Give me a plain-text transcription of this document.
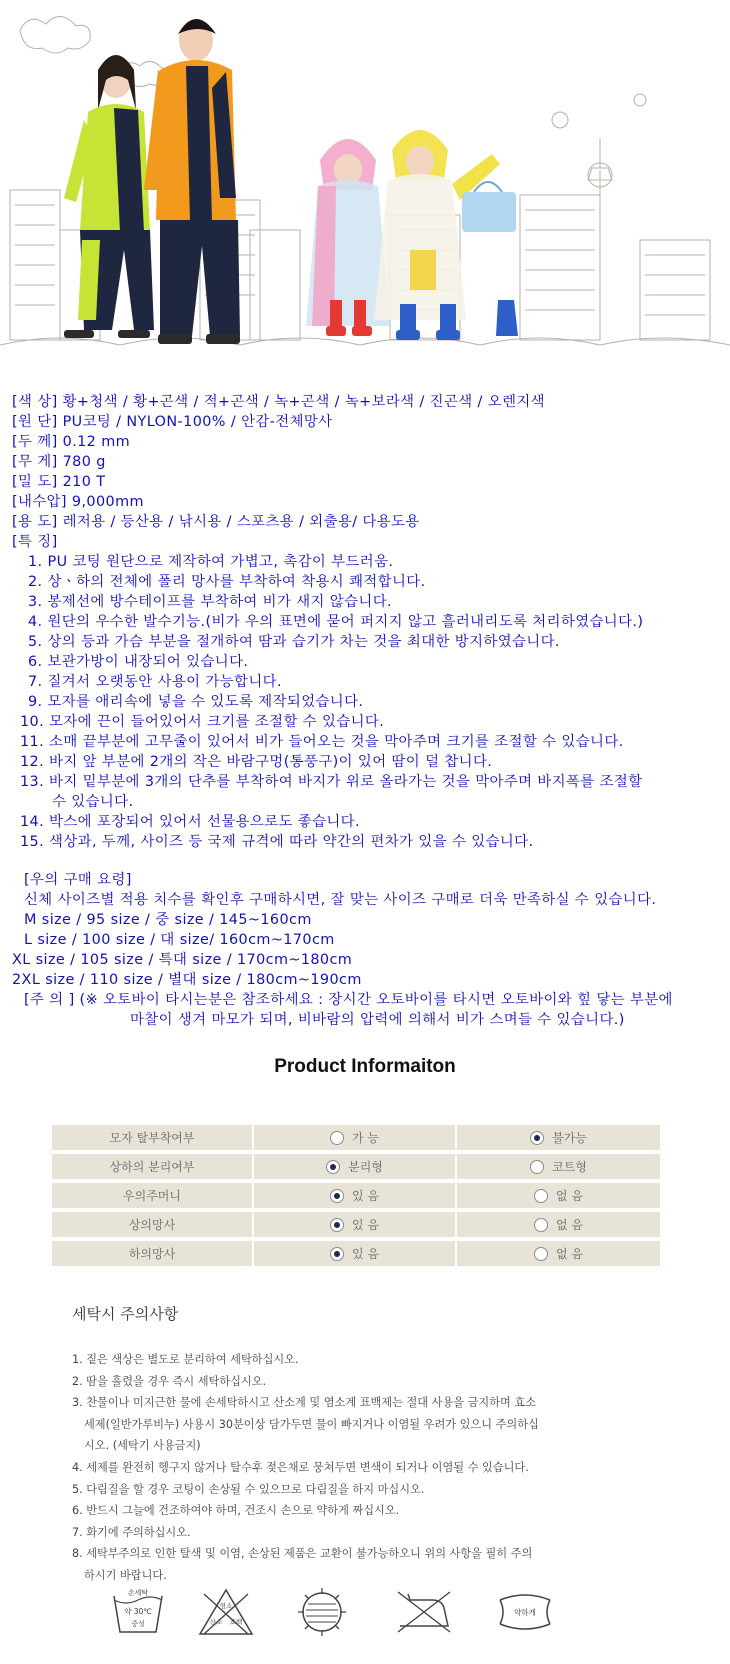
[색 상] 황+청색 / 황+곤색 / 적+곤색 / 녹+곤색 / 녹+보라색 / 진곤색 / 오렌지색
[원 단] PU코팅 / NYLON-100% / 안감-전체망사
[두 께] 0.12 mm
[무 게] 780 g
[밀 도] 210 T
[내수압] 9,000mm
[용 도] 레저용 / 등산용 / 낚시용 / 스포츠용 / 외출용/ 다용도용
[특 징]
1. PU 코팅 원단으로 제작하여 가볍고, 촉감이 부드러움.
2. 상ㆍ하의 전체에 폴리 망사를 부착하여 착용시 쾌적합니다.
3. 봉제선에 방수테이프를 부착하여 비가 새지 않습니다.
4. 원단의 우수한 발수기능.(비가 우의 표면에 묻어 퍼지지 않고 흘러내리도록 처리하였습니다.)
5. 상의 등과 가슴 부분을 절개하여 땀과 습기가 차는 것을 최대한 방지하였습니다.
6. 보관가방이 내장되어 있습니다.
7. 질겨서 오랫동안 사용이 가능합니다.
9. 모자를 애리속에 넣을 수 있도록 제작되었습니다.
10. 모자에 끈이 들어있어서 크기를 조절할 수 있습니다.
11. 소매 끝부분에 고무줄이 있어서 비가 들어오는 것을 막아주며 크기를 조절할 수 있습니다.
12. 바지 앞 부분에 2개의 작은 바람구멍(통풍구)이 있어 땀이 덜 찹니다.
13. 바지 밑부분에 3개의 단추를 부착하여 바지가 위로 올라가는 것을 막아주며 바지폭를 조절할
수 있습니다.
14. 박스에 포장되어 있어서 선물용으로도 좋습니다.
15. 색상과, 두께, 사이즈 등 국제 규격에 따라 약간의 편차가 있을 수 있습니다.
[우의 구매 요령]
신체 사이즈별 적용 치수를 확인후 구매하시면, 잘 맞는 사이즈 구매로 더욱 만족하실 수 있습니다.
M size / 95 size / 중 size / 145~160cm
L size / 100 size / 대 size/ 160cm~170cm
XL size / 105 size / 특대 size / 170cm~180cm
2XL size / 110 size / 별대 size / 180cm~190cm
[주 의 ] (※ 오토바이 타시는분은 참조하세요 : 장시간 오토바이를 타시면 오토바이와 힢 닿는 부분에
마찰이 생겨 마모가 되며, 비바람의 압력에 의해서 비가 스며들 수 있습니다.)
Product Informaiton
모자 탈부착여부	가 능	불가능
상하의 분리여부	분리형	코트형
우의주머니	있 음	없 음
상의망사	있 음	없 음
하의망사	있 음	없 음
세탁시 주의사항
1. 짙은 색상은 별도로 분리하여 세탁하십시오.
2. 땀을 흘렸을 경우 즉시 세탁하십시오.
3. 찬물이나 미지근한 물에 손세탁하시고 산소계 및 염소계 표백제는 절대 사용을 금지하며 효소
세제(일반가루비누) 사용시 30분이상 담가두면 물이 빠지거나 이염될 우려가 있으니 주의하십
시오. (세탁기 사용금지)
4. 세제를 완전히 헹구지 않거나 탈수후 젖은채로 뭉쳐두면 변색이 되거나 이염될 수 있습니다.
5. 다림질을 할 경우 코팅이 손상될 수 있으므로 다림질을 하지 마십시오.
6. 반드시 그늘에 건조하여야 하며, 건조시 손으로 약하게 짜십시오.
7. 화기에 주의하십시오.
8. 세탁부주의로 인한 탈색 및 이염, 손상된 제품은 교환이 불가능하오니 위의 사항을 필히 주의
하시기 바랍니다.
손세탁
약 30℃
중성
염소
산소 표백
약하게
